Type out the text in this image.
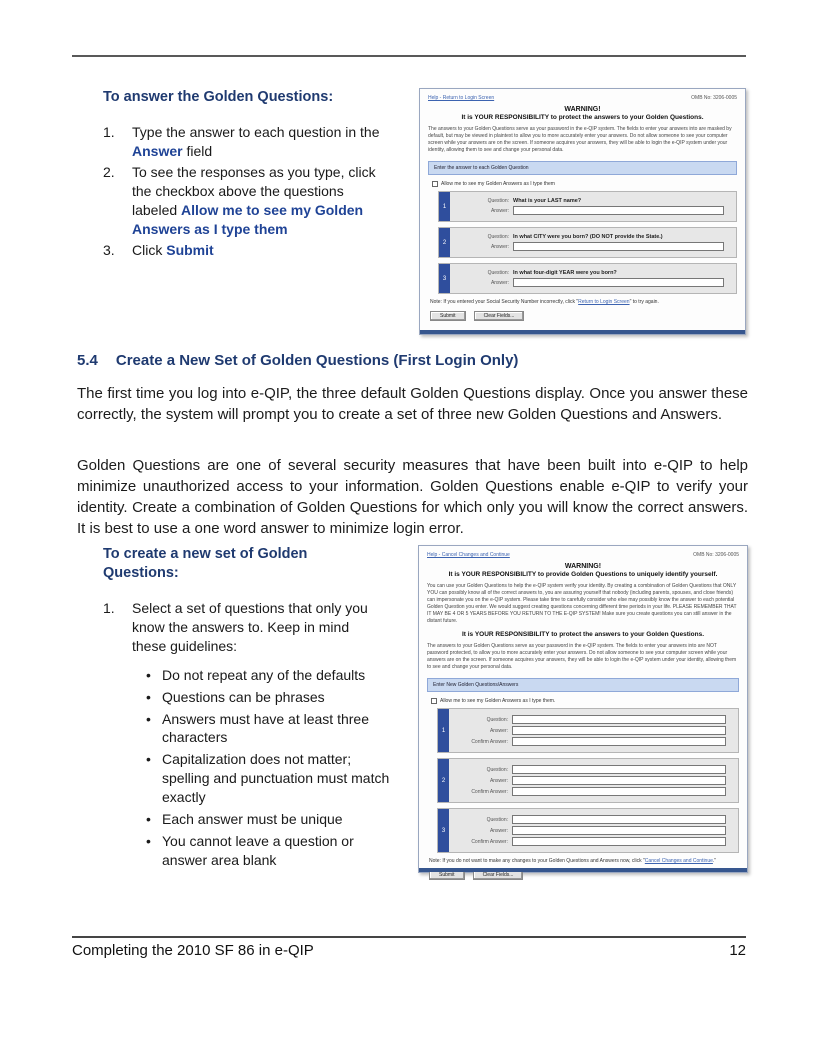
To answer the Golden Questions:
1.	Type the answer to each question in the Answer field
2.	To see the responses as you type, click the checkbox above the questions labeled Allow me to see my Golden Answers as I type them
3.	Click Submit
Help - Return to Login Screen	OMB No: 3206-0005
WARNING!
It is YOUR RESPONSIBILITY to protect the answers to your Golden Questions.
The answers to your Golden Questions serve as your password in the e-QIP system. The fields to enter your answers into are masked by default, but may be viewed in plaintext to allow you to more accurately enter your answers. Do not allow someone to see your computer screen while your answers are on the screen. If someone acquires your answers, they will be able to login the e-QIP system under your identity, allowing them to see and change your personal data.
Enter the answer to each Golden Question
Allow me to see my Golden Answers as I type them
1
Question: What is your LAST name?
Answer:
2
Question: In what CITY were you born? (DO NOT provide the State.)
Answer:
3
Question: In what four-digit YEAR were you born?
Answer:
Note: If you entered your Social Security Number incorrectly, click "Return to Login Screen" to try again.
Submit	Clear Fields...
5.4 Create a New Set of Golden Questions (First Login Only)

The first time you log into e-QIP, the three default Golden Questions display. Once you answer these correctly, the system will prompt you to create a set of three new Golden Questions and Answers.

Golden Questions are one of several security measures that have been built into e-QIP to help minimize unauthorized access to your information. Golden Questions enable e-QIP to verify your identity. Create a combination of Golden Questions for which only you will know the correct answers. It is best to use a one word answer to minimize login error.

To create a new set of Golden Questions:
1.	Select a set of questions that only you know the answers to. Keep in mind these guidelines:
• Do not repeat any of the defaults
• Questions can be phrases
• Answers must have at least three characters
• Capitalization does not matter; spelling and punctuation must match exactly
• Each answer must be unique
• You cannot leave a question or answer area blank
Help - Cancel Changes and Continue	OMB No: 3206-0005
WARNING!
It is YOUR RESPONSIBILITY to provide Golden Questions to uniquely identify yourself.
You can use your Golden Questions to help the e-QIP system verify your identity. By creating a combination of Golden Questions that ONLY YOU can possibly know all of the correct answers to, you are assuring yourself that nobody (including parents, spouses, and close friends) can impersonate you on the e-QIP system. Please take time to carefully consider who else may possibly know the answer to each potential Golden Question you enter. We would suggest creating questions concerning different time periods in your life. PLEASE REMEMBER THAT IT MAY BE 4 OR 5 YEARS BEFORE YOU RETURN TO THE E-QIP SYSTEM! Make sure you create questions you can still answer in the distant future.
It is YOUR RESPONSIBILITY to protect the answers to your Golden Questions.
The answers to your Golden Questions serve as your password in the e-QIP system. The fields to enter your answers into are NOT password protected, to allow you to more accurately enter your answers. Do not allow someone to see your computer screen while your answers are on the screen. If someone acquires your answers, they will be able to login the e-QIP system under your identity, allowing them to see and change your personal data.
Enter New Golden Questions/Answers
Allow me to see my Golden Answers as I type them.
1
Question:
Answer:
Confirm Answer:
2
Question:
Answer:
Confirm Answer:
3
Question:
Answer:
Confirm Answer:
Note: If you do not want to make any changes to your Golden Questions and Answers now, click "Cancel Changes and Continue."
Submit	Clear Fields...
Completing the 2010 SF 86 in e-QIP	12
